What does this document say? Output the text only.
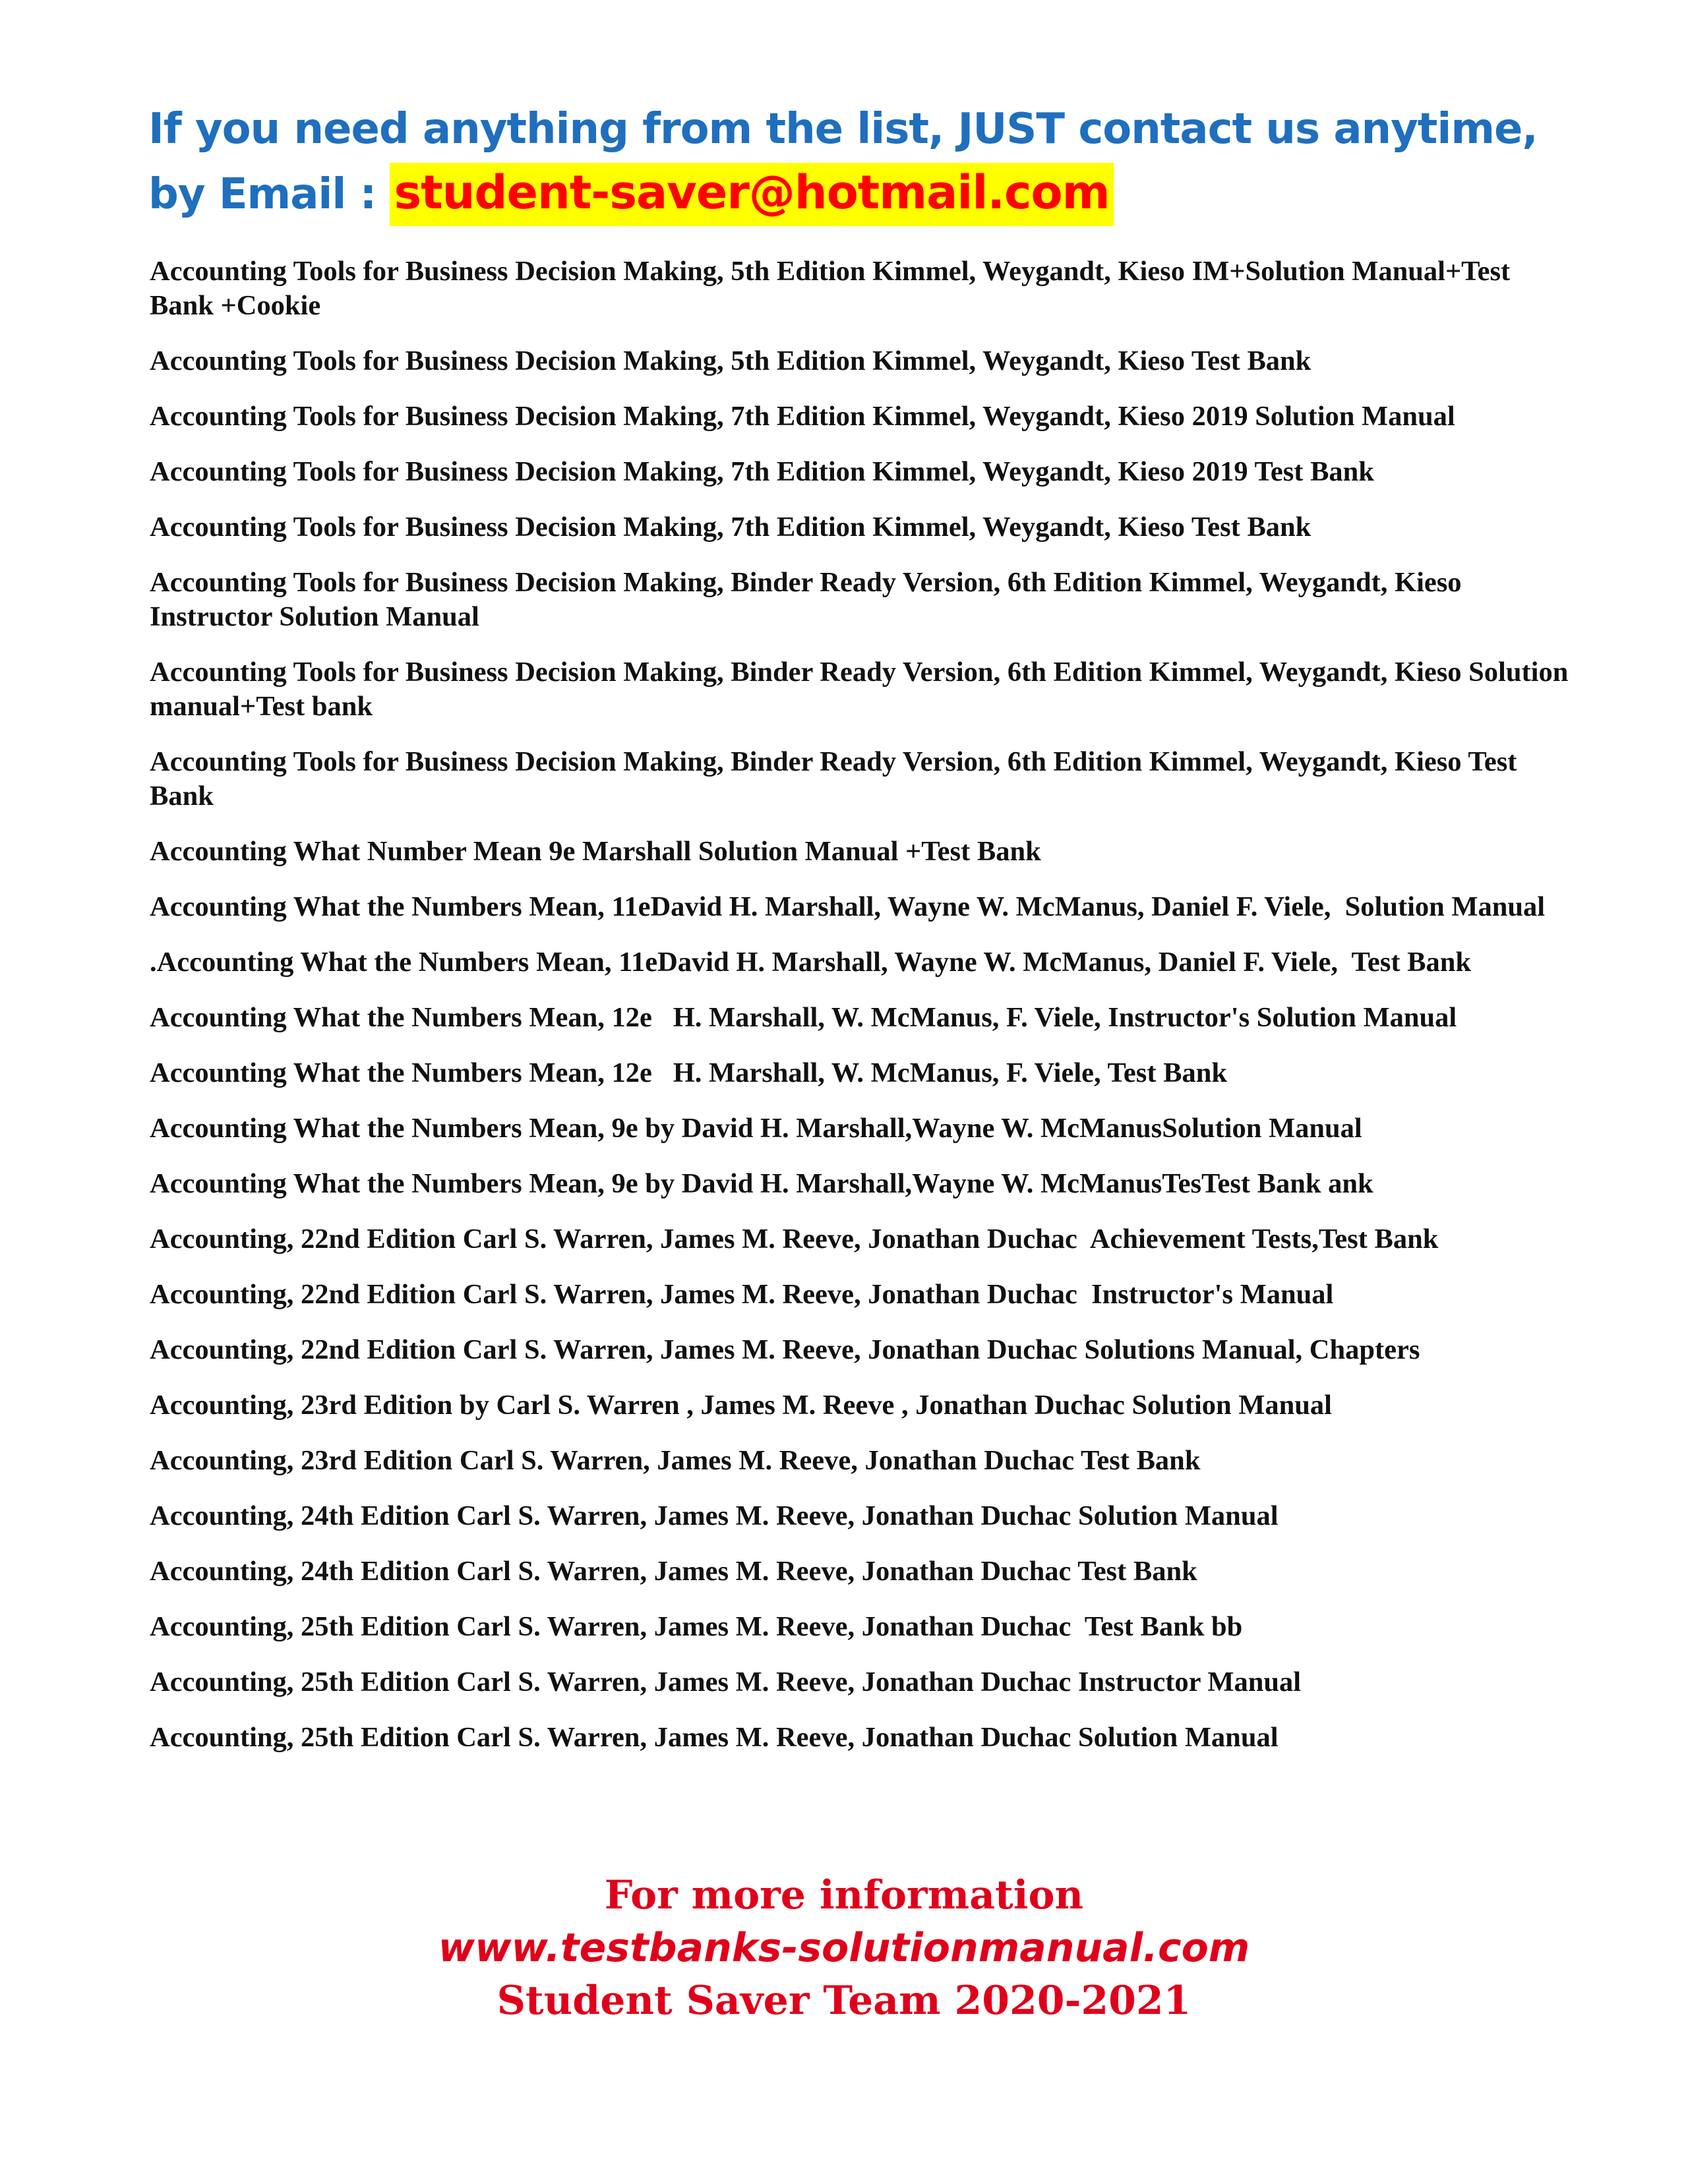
If you need anything from the list, JUST contact us anytime,
by Email : student-saver@hotmail.com

Accounting Tools for Business Decision Making, 5th Edition Kimmel, Weygandt, Kieso IM+Solution Manual+Test Bank +Cookie

Accounting Tools for Business Decision Making, 5th Edition Kimmel, Weygandt, Kieso Test Bank

Accounting Tools for Business Decision Making, 7th Edition Kimmel, Weygandt, Kieso 2019 Solution Manual

Accounting Tools for Business Decision Making, 7th Edition Kimmel, Weygandt, Kieso 2019 Test Bank

Accounting Tools for Business Decision Making, 7th Edition Kimmel, Weygandt, Kieso Test Bank

Accounting Tools for Business Decision Making, Binder Ready Version, 6th Edition Kimmel, Weygandt, Kieso Instructor Solution Manual

Accounting Tools for Business Decision Making, Binder Ready Version, 6th Edition Kimmel, Weygandt, Kieso Solution manual+Test bank

Accounting Tools for Business Decision Making, Binder Ready Version, 6th Edition Kimmel, Weygandt, Kieso Test Bank

Accounting What Number Mean 9e Marshall Solution Manual +Test Bank

Accounting What the Numbers Mean, 11eDavid H. Marshall, Wayne W. McManus, Daniel F. Viele,  Solution Manual

.Accounting What the Numbers Mean, 11eDavid H. Marshall, Wayne W. McManus, Daniel F. Viele,  Test Bank

Accounting What the Numbers Mean, 12e   H. Marshall, W. McManus, F. Viele, Instructor's Solution Manual

Accounting What the Numbers Mean, 12e   H. Marshall, W. McManus, F. Viele, Test Bank

Accounting What the Numbers Mean, 9e by David H. Marshall,Wayne W. McManusSolution Manual

Accounting What the Numbers Mean, 9e by David H. Marshall,Wayne W. McManusTesTest Bank ank

Accounting, 22nd Edition Carl S. Warren, James M. Reeve, Jonathan Duchac  Achievement Tests,Test Bank

Accounting, 22nd Edition Carl S. Warren, James M. Reeve, Jonathan Duchac  Instructor's Manual

Accounting, 22nd Edition Carl S. Warren, James M. Reeve, Jonathan Duchac Solutions Manual, Chapters

Accounting, 23rd Edition by Carl S. Warren , James M. Reeve , Jonathan Duchac Solution Manual

Accounting, 23rd Edition Carl S. Warren, James M. Reeve, Jonathan Duchac Test Bank

Accounting, 24th Edition Carl S. Warren, James M. Reeve, Jonathan Duchac Solution Manual

Accounting, 24th Edition Carl S. Warren, James M. Reeve, Jonathan Duchac Test Bank

Accounting, 25th Edition Carl S. Warren, James M. Reeve, Jonathan Duchac  Test Bank bb

Accounting, 25th Edition Carl S. Warren, James M. Reeve, Jonathan Duchac Instructor Manual

Accounting, 25th Edition Carl S. Warren, James M. Reeve, Jonathan Duchac Solution Manual

For more information
www.testbanks-solutionmanual.com
Student Saver Team 2020-2021
